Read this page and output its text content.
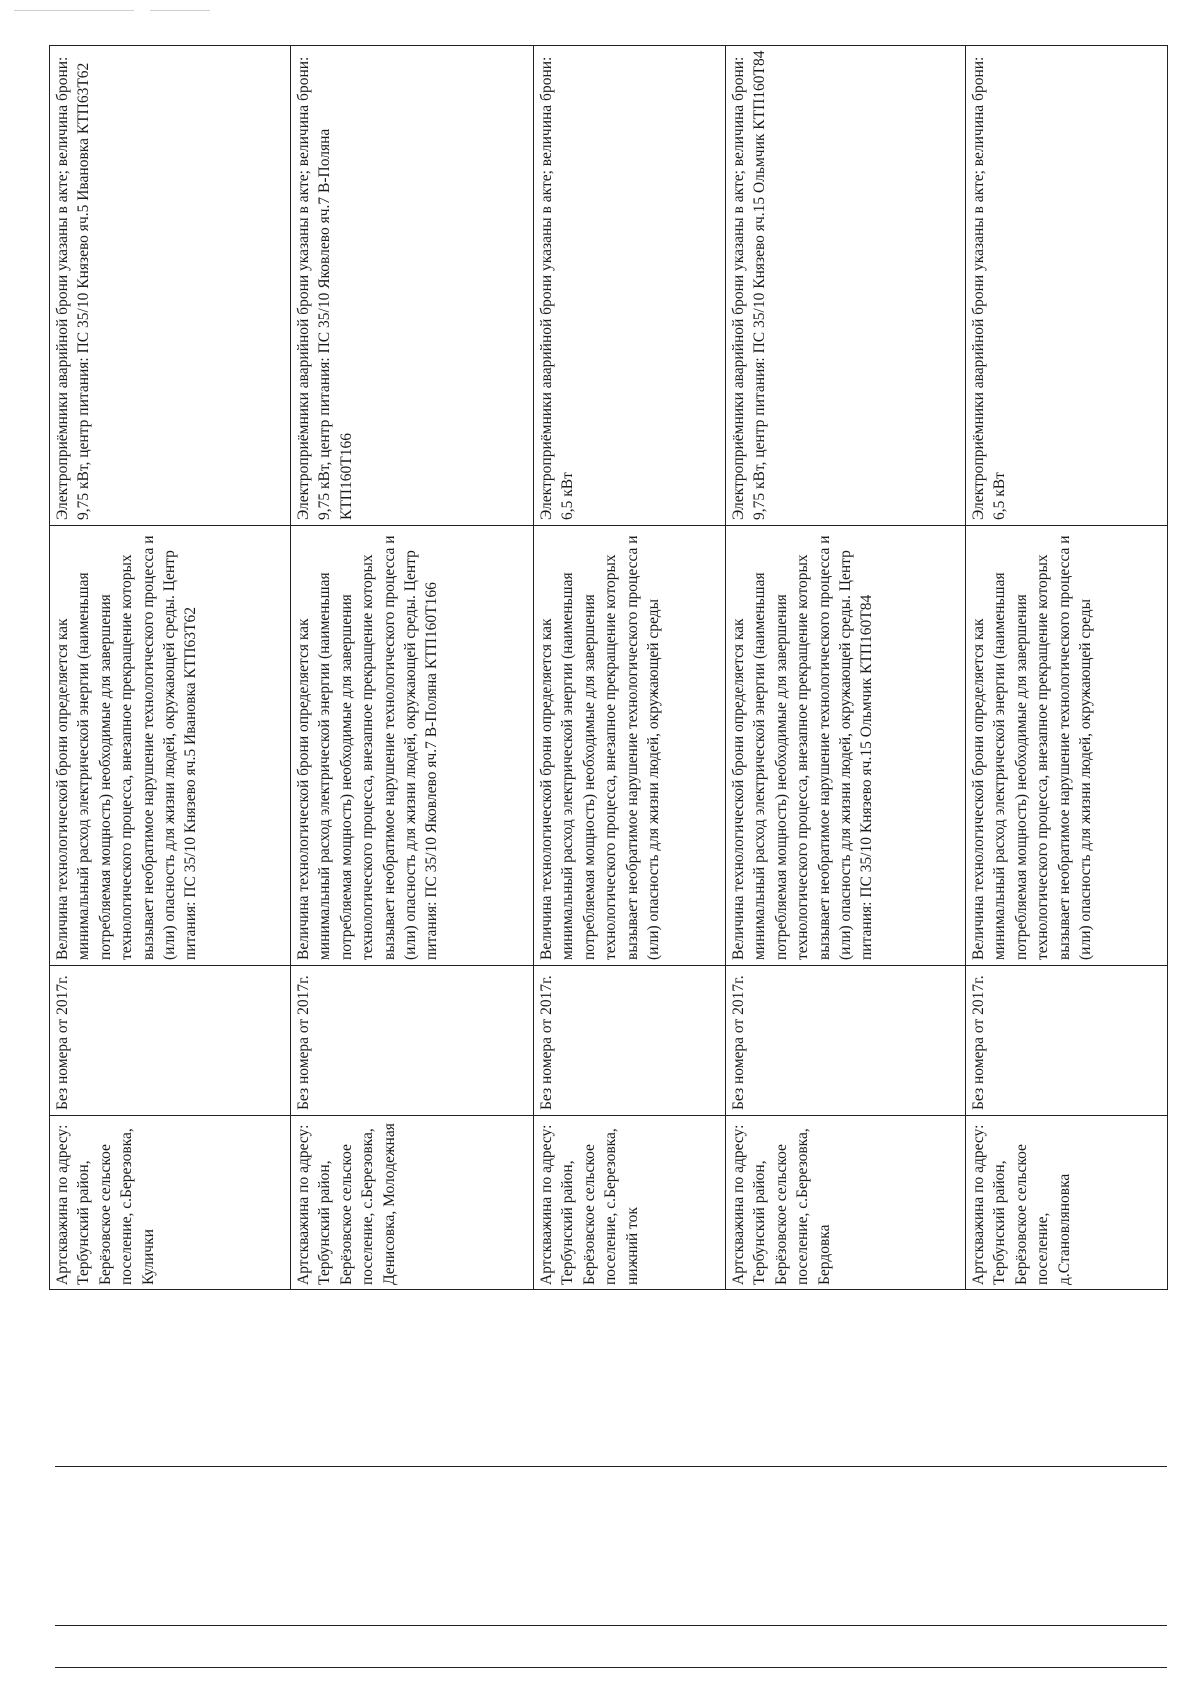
Электроприёмники аварийной брони указаны в акте; величина брони: 9,75 кВт, центр питания: ПС 35/10 Князево яч.5 Ивановка КТП63Т62
Величина технологической брони определяется как минимальный расход электрической энергии (наименьшая потребляемая мощность) необходимые для завершения технологического процесса, внезапное прекращение которых вызывает необратимое нарушение технологического процесса и (или) опасность для жизни людей, окружающей среды. Центр питания: ПС 35/10 Князево яч.5 Ивановка КТП63Т62
Без номера от 2017г.
Артскважина по адресу: Тербунский район, Берёзовское сельское поселение, с.Березовка, Кулички
Электроприёмники аварийной брони указаны в акте; величина брони: 9,75 кВт, центр питания: ПС 35/10 Яковлево яч.7 В-Поляна КТП160Т166
Величина технологической брони определяется как минимальный расход электрической энергии (наименьшая потребляемая мощность) необходимые для завершения технологического процесса, внезапное прекращение которых вызывает необратимое нарушение технологического процесса и (или) опасность для жизни людей, окружающей среды. Центр питания: ПС 35/10 Яковлево яч.7 В-Поляна КТП160Т166
Без номера от 2017г.
Артскважина по адресу: Тербунский район, Берёзовское сельское поселение, с.Березовка, Денисовка, Молодежная
Электроприёмники аварийной брони указаны в акте; величина брони: 6,5 кВт
Величина технологической брони определяется как минимальный расход электрической энергии (наименьшая потребляемая мощность) необходимые для завершения технологического процесса, внезапное прекращение которых вызывает необратимое нарушение технологического процесса и (или) опасность для жизни людей, окружающей среды
Без номера от 2017г.
Артскважина по адресу: Тербунский район, Берёзовское сельское поселение, с.Березовка, нижний ток
Электроприёмники аварийной брони указаны в акте; величина брони: 9,75 кВт, центр питания: ПС 35/10 Князево яч.15 Ольмчик КТП160Т84
Величина технологической брони определяется как минимальный расход электрической энергии (наименьшая потребляемая мощность) необходимые для завершения технологического процесса, внезапное прекращение которых вызывает необратимое нарушение технологического процесса и (или) опасность для жизни людей, окружающей среды. Центр питания: ПС 35/10 Князево яч.15 Ольмчик КТП160Т84
Без номера от 2017г.
Артскважина по адресу: Тербунский район, Берёзовское сельское поселение, с.Березовка, Бердовка
Электроприёмники аварийной брони указаны в акте; величина брони: 6,5 кВт
Величина технологической брони определяется как минимальный расход электрической энергии (наименьшая потребляемая мощность) необходимые для завершения технологического процесса, внезапное прекращение которых вызывает необратимое нарушение технологического процесса и (или) опасность для жизни людей, окружающей среды
Без номера от 2017г.
Артскважина по адресу: Тербунский район, Берёзовское сельское поселение, д.Становляновка
